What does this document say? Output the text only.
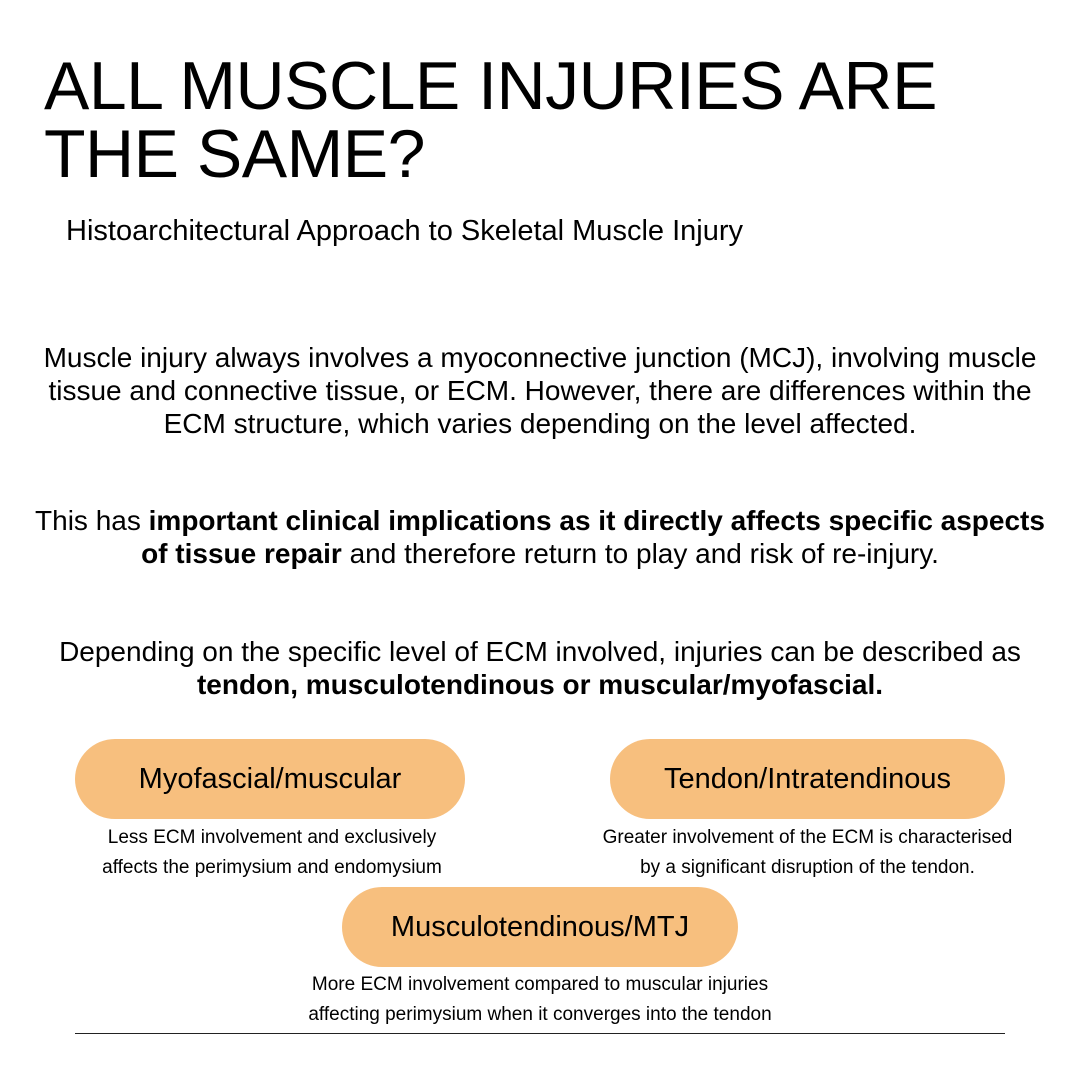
ALL MUSCLE INJURIES ARE
THE SAME?

Histoarchitectural Approach to Skeletal Muscle Injury

Muscle injury always involves a myoconnective junction (MCJ), involving muscle tissue and connective tissue, or ECM. However, there are differences within the ECM structure, which varies depending on the level affected.

This has important clinical implications as it directly affects specific aspects of tissue repair and therefore return to play and risk of re-injury.

Depending on the specific level of ECM involved, injuries can be described as tendon, musculotendinous or muscular/myofascial.

Myofascial/muscular

Less ECM involvement and exclusively
affects the perimysium and endomysium

Tendon/Intratendinous

Greater involvement of the ECM is characterised
by a significant disruption of the tendon.

Musculotendinous/MTJ

More ECM involvement compared to muscular injuries
affecting perimysium when it converges into the tendon
